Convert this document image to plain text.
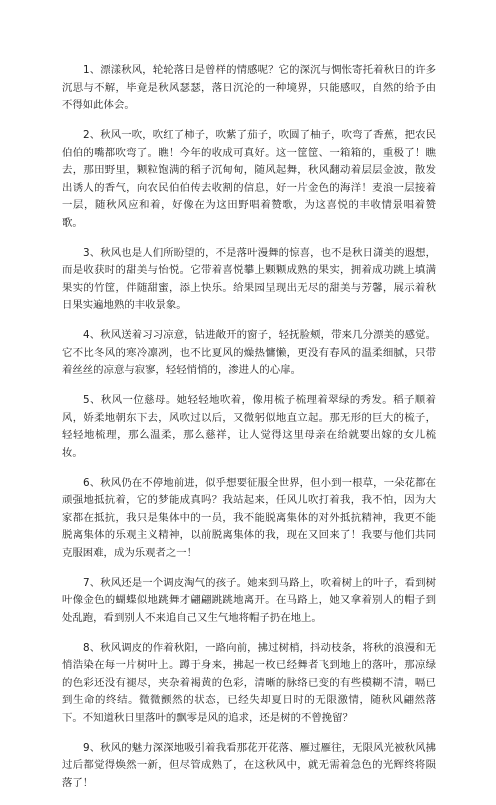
1、漂漾秋风，轮轮落日是曾样的情感呢？它的深沉与惆怅寄托着秋日的许多沉思与不解，毕竟是秋风瑟瑟，落日沉沦的一种境界，只能感叹，自然的给予由不得如此体会。

2、秋风一吹，吹红了柿子，吹紫了茄子，吹圆了柚子，吹弯了香蕉，把农民伯伯的嘴都吹弯了。瞧！今年的收成可真好。这一筐筐、一箱箱的，重极了！瞧去，那田野里，颗粒饱满的稻子沉甸甸，随风起舞，秋风翻动着层层金波，散发出诱人的香气，向农民伯伯传去收割的信息，好一片金色的海洋！麦浪一层接着一层，随秋风应和着，好像在为这田野唱着赞歌，为这喜悦的丰收情景唱着赞歌。

3、秋风也是人们所盼望的，不是落叶漫舞的惊喜，也不是秋日潇美的遐想，而是收获时的甜美与怡悦。它带着喜悦攀上颗颗成熟的果实，拥着成功跳上填满果实的竹筐，伴随甜蜜，添上快乐。给果园呈现出无尽的甜美与芳馨，展示着秋日果实遍地熟的丰收景象。

4、秋风送着习习凉意，钻进敞开的窗子，轻抚脸颊，带来几分漂美的感觉。它不比冬风的寒冷凛冽，也不比夏风的燥热慵懒，更没有春风的温柔细腻，只带着丝丝的凉意与寂寥，轻轻悄悄的，渗进人的心扉。

5、秋风一位慈母。她轻轻地吹着，像用梳子梳理着翠绿的秀发。稻子顺着风，娇柔地朝东下去，风吹过以后，又微躬似地直立起。那无形的巨大的梳子，轻轻地梳理，那么温柔，那么慈祥，让人觉得这里母亲在给就要出嫁的女儿梳妆。

6、秋风仍在不停地前进，似乎想要征服全世界，但小到一根草，一朵花都在顽强地抵抗着，它的梦能成真吗？我站起来，任风儿吹打着我，我不怕，因为大家都在抵抗，我只是集体中的一员，我不能脱离集体的对外抵抗精神，我更不能脱离集体的乐观主义精神，以前脱离集体的我，现在又回来了！我要与他们共同克服困难，成为乐观者之一！

7、秋风还是一个调皮淘气的孩子。她来到马路上，吹着树上的叶子，看到树叶像金色的蝴蝶似地跳舞才翩翩跳跳地离开。在马路上，她又拿着别人的帽子到处乱跑，看到别人不来追自己又生气地将帽子扔在地上。

8、秋风调皮的作着秋阳，一路向前，拂过树梢，抖动枝条，将秋的浪漫和无悄浩染在每一片树叶上。蹲于身来，拂起一枚已经舞者飞到地上的落叶，那凉绿的色彩还没有褪尽，夹杂着褐黄的色彩，清晰的脉络已变的有些模糊不清，嗝已到生命的终结。微微颤然的状态，已经失却夏日时的无限激情，随秋风翩然落下。不知道秋日里落叶的飘零是风的追求，还是树的不曾挽留？

9、秋风的魅力深深地吸引着我看那花开花落、雁过雁往，无限风光被秋风拂过后都觉得焕然一新，但尽管成熟了，在这秋风中，就无需着急色的光辉终将陨落了！
